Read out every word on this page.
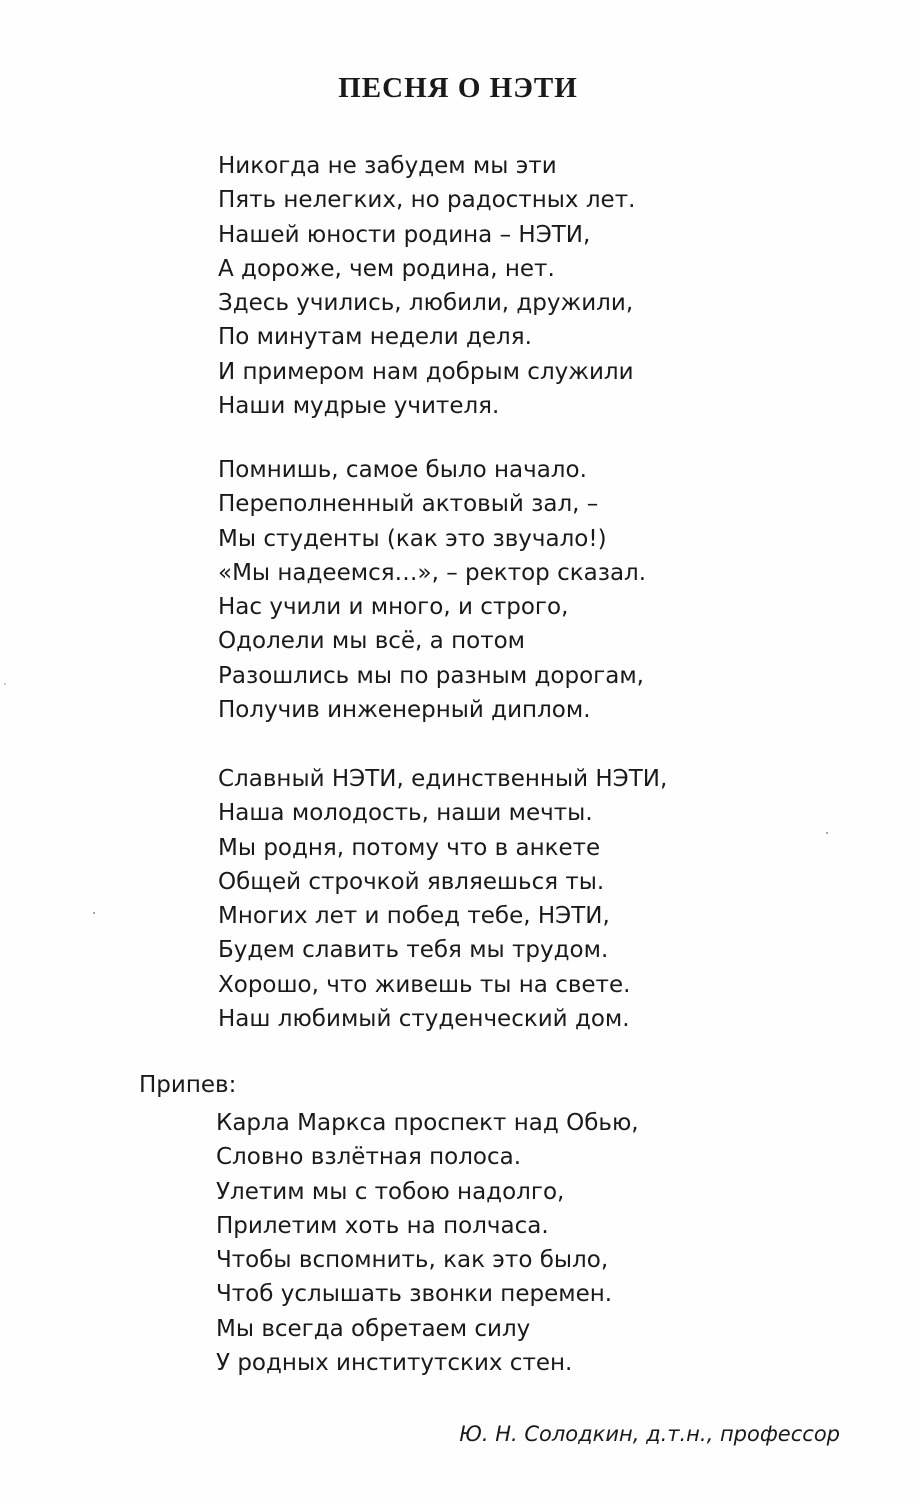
ПЕСНЯ О НЭТИ
Никогда не забудем мы эти
Пять нелегких, но радостных лет.
Нашей юности родина – НЭТИ,
А дороже, чем родина, нет.
Здесь учились, любили, дружили,
По минутам недели деля.
И примером нам добрым служили
Наши мудрые учителя.
Помнишь, самое было начало.
Переполненный актовый зал, –
Мы студенты (как это звучало!)
«Мы надеемся…», – ректор сказал.
Нас учили и много, и строго,
Одолели мы всё, а потом
Разошлись мы по разным дорогам,
Получив инженерный диплом.
Славный НЭТИ, единственный НЭТИ,
Наша молодость, наши мечты.
Мы родня, потому что в анкете
Общей строчкой являешься ты.
Многих лет и побед тебе, НЭТИ,
Будем славить тебя мы трудом.
Хорошо, что живешь ты на свете.
Наш любимый студенческий дом.

Припев:

Карла Маркса проспект над Обью,
Словно взлётная полоса.
Улетим мы с тобою надолго,
Прилетим хоть на полчаса.
Чтобы вспомнить, как это было,
Чтоб услышать звонки перемен.
Мы всегда обретаем силу
У родных институтских стен.
Ю. Н. Солодкин, д.т.н., профессор
